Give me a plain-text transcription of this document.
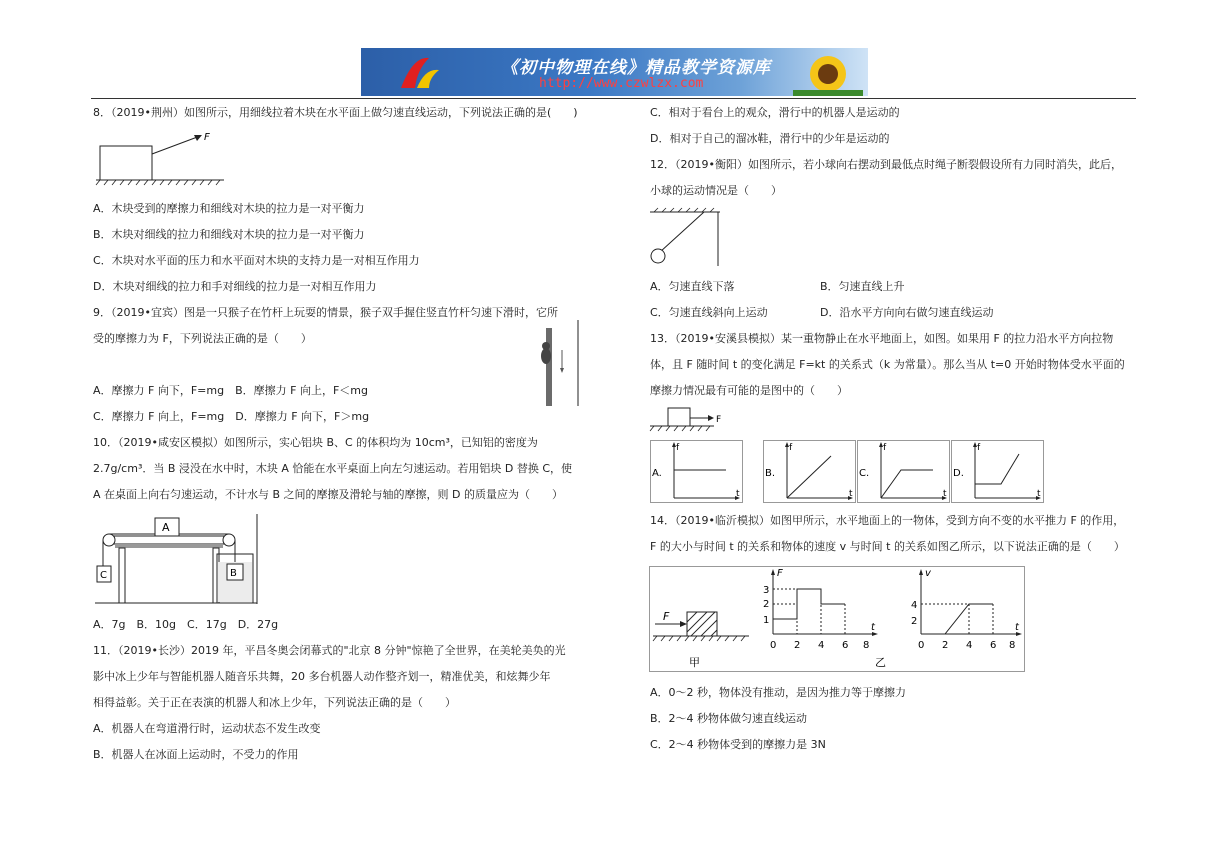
《初中物理在线》精品教学资源库
http://www.czwlzx.com
8．（2019•荆州）如图所示，用细线拉着木块在水平面上做匀速直线运动，下列说法正确的是(　　)
F
A．木块受到的摩擦力和细线对木块的拉力是一对平衡力
B．木块对细线的拉力和细线对木块的拉力是一对平衡力
C．木块对水平面的压力和水平面对木块的支持力是一对相互作用力
D．木块对细线的拉力和手对细线的拉力是一对相互作用力
9．（2019•宜宾）图是一只猴子在竹杆上玩耍的情景，猴子双手握住竖直竹杆匀速下滑时，它所
受的摩擦力为 F，下列说法正确的是（　　）
A．摩擦力 F 向下，F=mg　B．摩擦力 F 向上，F＜mg
C．摩擦力 F 向上，F=mg　D．摩擦力 F 向下，F＞mg
10．（2019•咸安区模拟）如图所示，实心铝块 B、C 的体积均为 10cm³，已知铝的密度为
2.7g/cm³．当 B 浸没在水中时，木块 A 恰能在水平桌面上向左匀速运动。若用铝块 D 替换 C，使
A 在桌面上向右匀速运动，不计水与 B 之间的摩擦及滑轮与轴的摩擦，则 D 的质量应为（　　）
A
C	B
A．7g　B．10g　C．17g　D．27g
11．（2019•长沙）2019 年，平昌冬奥会闭幕式的"北京 8 分钟"惊艳了全世界，在美轮美奂的光
影中冰上少年与智能机器人随音乐共舞，20 多台机器人动作整齐划一，精准优美，和炫舞少年
相得益彰。关于正在表演的机器人和冰上少年，下列说法正确的是（　　）
A．机器人在弯道滑行时，运动状态不发生改变
B．机器人在冰面上运动时，不受力的作用
C．相对于看台上的观众，滑行中的机器人是运动的
D．相对于自己的溜冰鞋，滑行中的少年是运动的
12．（2019•衡阳）如图所示，若小球向右摆动到最低点时绳子断裂假设所有力同时消失，此后，
小球的运动情况是（　　）
A．匀速直线下落	B．匀速直线上升
C．匀速直线斜向上运动	D．沿水平方向向右做匀速直线运动
13．（2019•安溪县模拟）某一重物静止在水平地面上，如图。如果用 F 的拉力沿水平方向拉物
体，且 F 随时间 t 的变化满足 F=kt 的关系式（k 为常量）。那么当从 t=0 开始时物体受水平面的
摩擦力情况最有可能的是图中的（　　）
F
A.
f
t
B.
f
t
C.
f
t
D.
f
t
14．（2019•临沂模拟）如图甲所示，水平地面上的一物体，受到方向不变的水平推力 F 的作用，
F 的大小与时间 t 的关系和物体的速度 v 与时间 t 的关系如图乙所示，以下说法正确的是（　　）
F
甲
F
3
2
1
0 2 4 6 8
t
v
4
2
0 2 4 6 8
t
乙
A．0～2 秒，物体没有推动，是因为推力等于摩擦力
B．2～4 秒物体做匀速直线运动
C．2～4 秒物体受到的摩擦力是 3N
